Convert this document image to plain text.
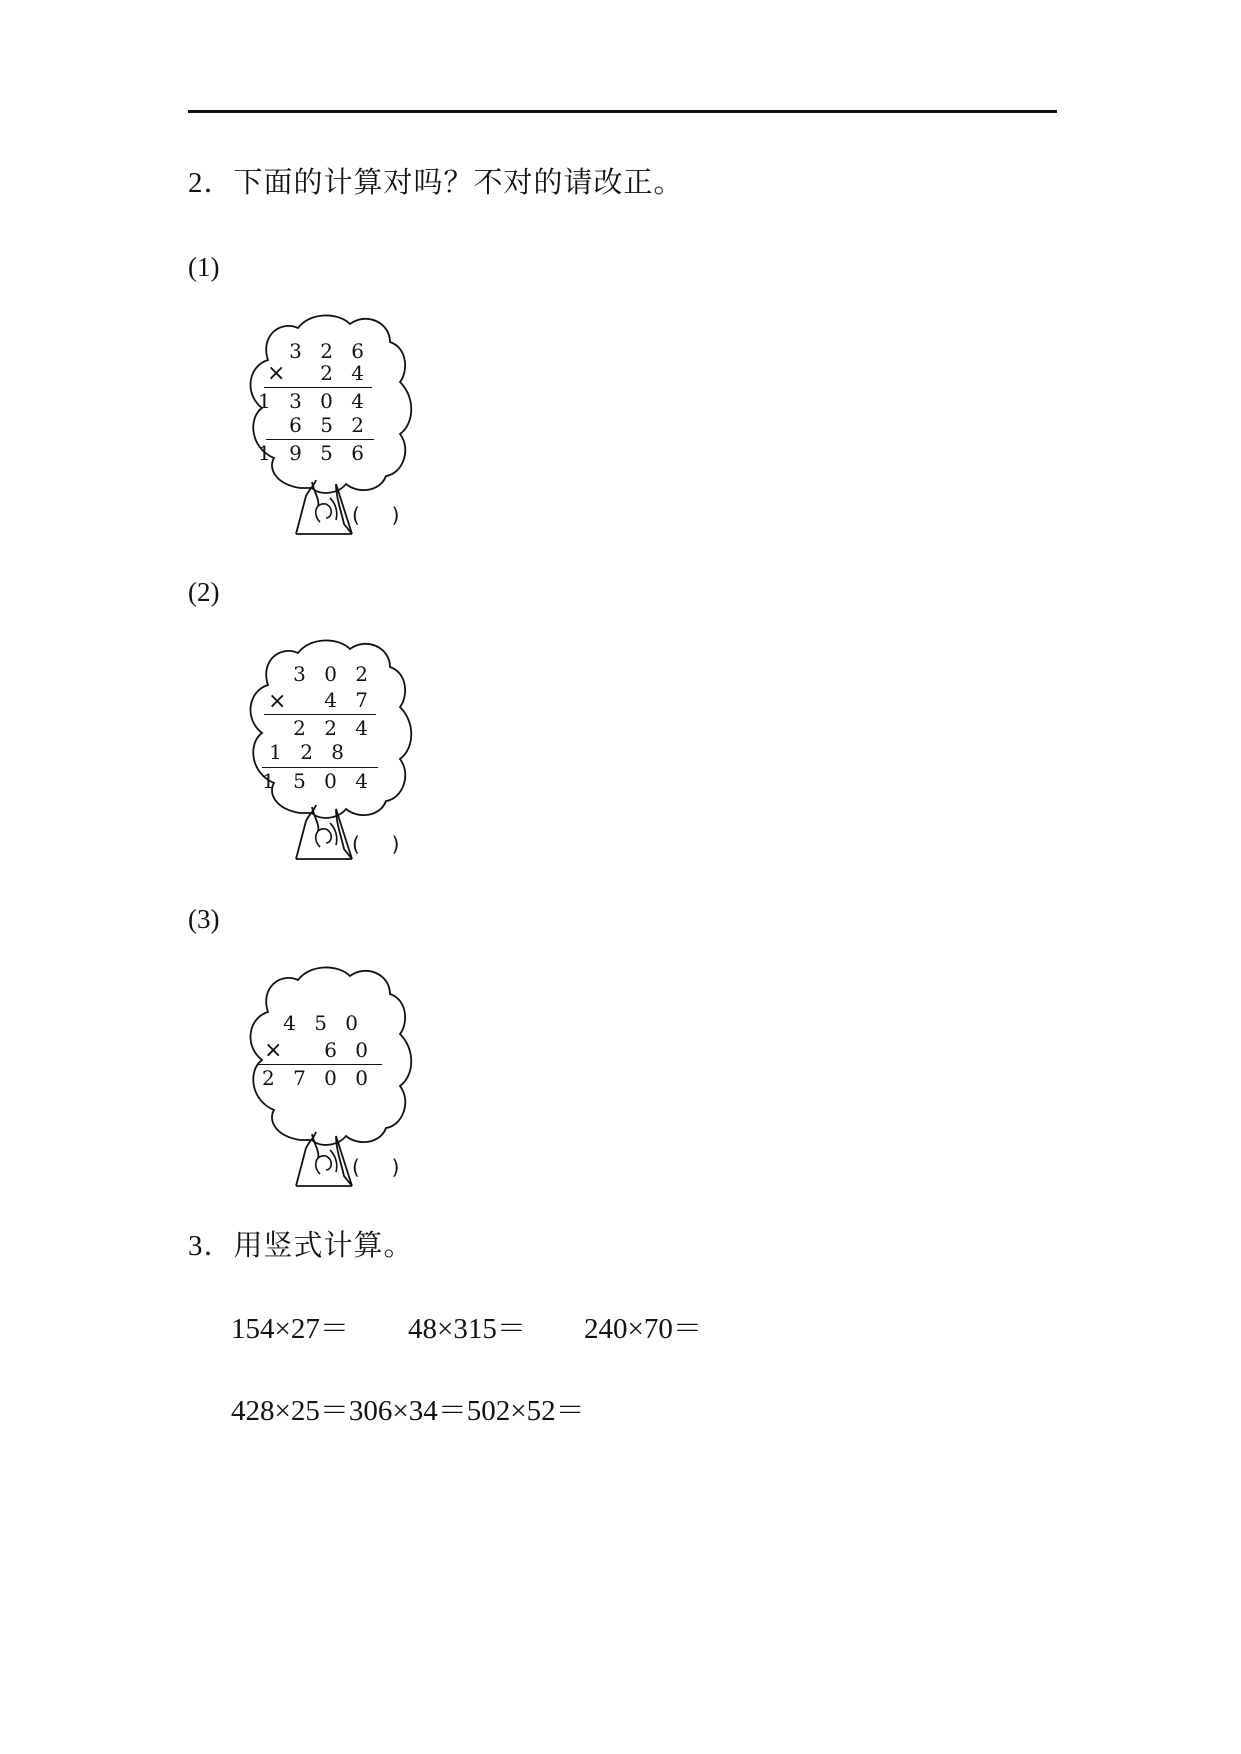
2．下面的计算对吗？不对的请改正。
(1)
3 2 6
× 2 4
1 3 0 4
6 5 2
1 9 5 6
(     )
(2)
3 0 2
× 4 7
2 2 4
1 2 8
1 5 0 4
(     )
(3)
4 5 0
× 6 0
2 7 0 0
(     )
3．用竖式计算。
154×27＝ 48×315＝ 240×70＝
428×25＝306×34＝502×52＝
